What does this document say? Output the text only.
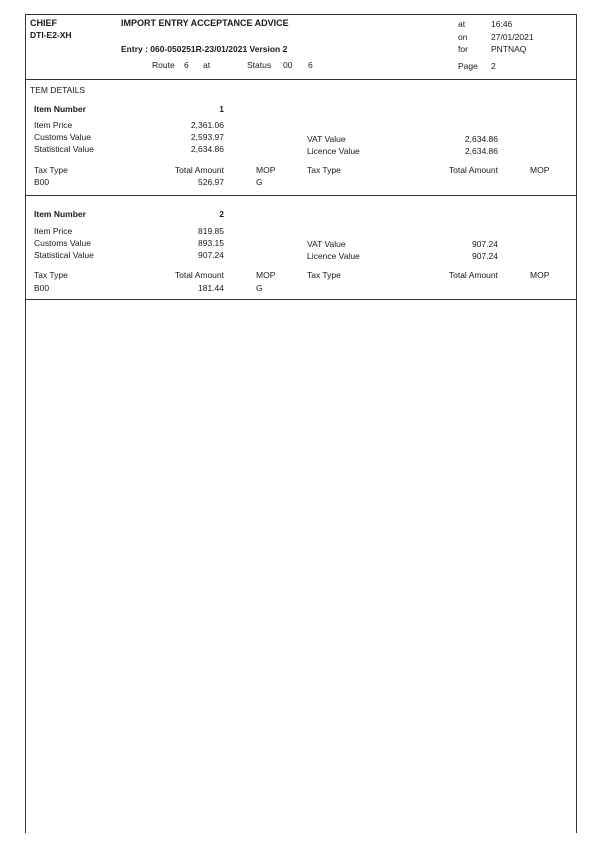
CHIEF
DTI-E2-XH
IMPORT ENTRY ACCEPTANCE ADVICE
Entry : 060-050251R-23/01/2021 Version 2
Route 6 at	Status 00 6
at	16:46
on	27/01/2021
for	PNTNAQ
Page 2
TEM DETAILS
Item Number	1
Item Price	2,361.06
Customs Value	2,593.97
Statistical Value	2,634.86
VAT Value	2,634.86
Licence Value	2,634.86
Tax Type	Total Amount	MOP	Tax Type	Total Amount	MOP
B00	526.97	G
Item Number	2
Item Price	819.85
Customs Value	893.15
Statistical Value	907.24
VAT Value	907.24
Licence Value	907.24
Tax Type	Total Amount	MOP	Tax Type	Total Amount	MOP
B00	181.44	G
